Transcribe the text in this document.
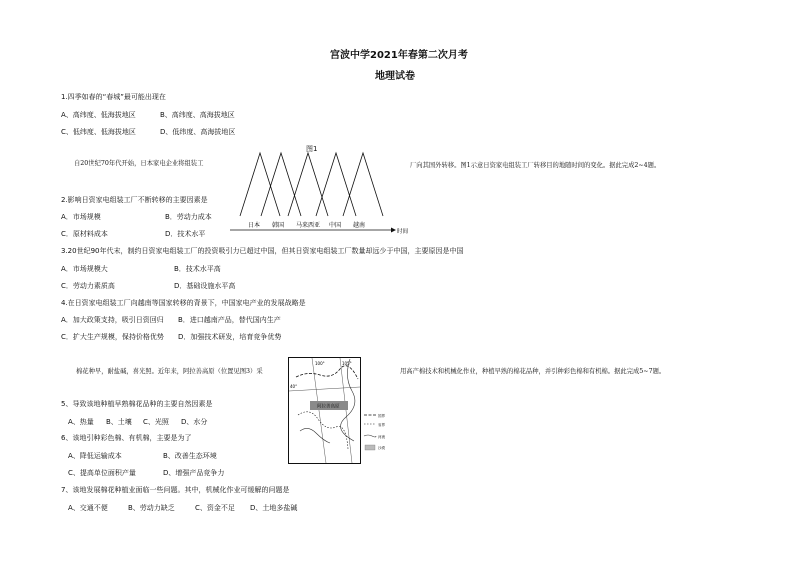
宫波中学2021年春第二次月考
地理试卷
1.四季如春的“春城”最可能出现在
A、高纬度、低海拔地区	B、高纬度、高海拔地区
C、低纬度、低海拔地区	D、低纬度、高海拔地区
图1
自20世纪70年代开始，日本家电企业将组装工	厂向其国外转移。图1示意日资家电组装工厂转移目的地随时间的变化。据此完成2~4题。
日本 韩国 马来西亚 中国 越南
时间
2.影响日资家电组装工厂不断转移的主要因素是
A．市场规模	B．劳动力成本
C．原材料成本	D．技术水平
3.20世纪90年代末，制约日资家电组装工厂的投资吸引力已超过中国，但其日资家电组装工厂数量却远少于中国，主要原因是中国
A．市场规模大	B．技术水平高
C．劳动力素质高	D．基础设施水平高
4.在日资家电组装工厂向越南等国家转移的背景下，中国家电产业的发展战略是
A．加大政策支持，吸引日资回归 B．进口越南产品，替代国内生产
C．扩大生产规模，保持价格优势 D．加强技术研发，培育竞争优势
棉花种早，耐盐碱，喜光照。近年来，阿拉善高原（位置见图3）采	用高产棉技术和机械化作业，种植早熟的棉花品种，并引种彩色棉和有机棉。据此完成5~7题。
100°	105°
40°
阿拉善高原
国界
省界
河流
沙漠
5、导致该地种植早熟棉花品种的主要自然因素是
A、热量 B、土壤 C、光照 D、水分
6、该地引种彩色棉、有机棉，主要是为了
A、降低运输成本	B、改善生态环境
C、提高单位面积产量	D、增强产品竞争力
7、该地发展棉花种植业面临一些问题。其中，机械化作业可缓解的问题是
A、交通不便	B、劳动力缺乏	C、资金不足 D、土地多盐碱
